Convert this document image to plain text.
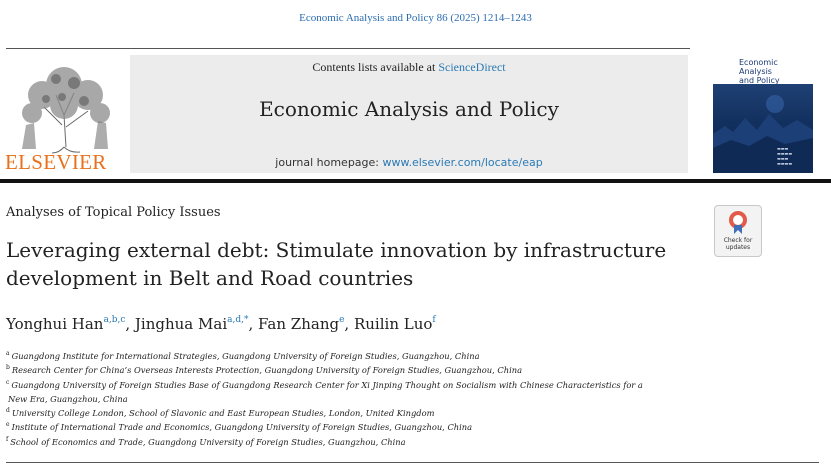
Economic Analysis and Policy 86 (2025) 1214–1243
ELSEVIER
Contents lists available at ScienceDirect
Economic Analysis and Policy
journal homepage: www.elsevier.com/locate/eap
Economic Analysis
and Policy
▬▬▬
▬▬▬▬
▬▬▬
▬▬▬▬
Analyses of Topical Policy Issues
Leveraging external debt: Stimulate innovation by infrastructure
development in Belt and Road countries
Check for
updates
Yonghui Han$^{a,b,c}$, Jinghua Mai$^{a,d,*}$, Fan Zhang$^e$, Ruilin Luo$^f$
$^a$ Guangdong Institute for International Strategies, Guangdong University of Foreign Studies, Guangzhou, China
$^b$ Research Center for China’s Overseas Interests Protection, Guangdong University of Foreign Studies, Guangzhou, China
$^c$ Guangdong University of Foreign Studies Base of Guangdong Research Center for Xi Jinping Thought on Socialism with Chinese Characteristics for a
New Era, Guangzhou, China
$^d$ University College London, School of Slavonic and East European Studies, London, United Kingdom
$^e$ Institute of International Trade and Economics, Guangdong University of Foreign Studies, Guangzhou, China
$^f$ School of Economics and Trade, Guangdong University of Foreign Studies, Guangzhou, China
